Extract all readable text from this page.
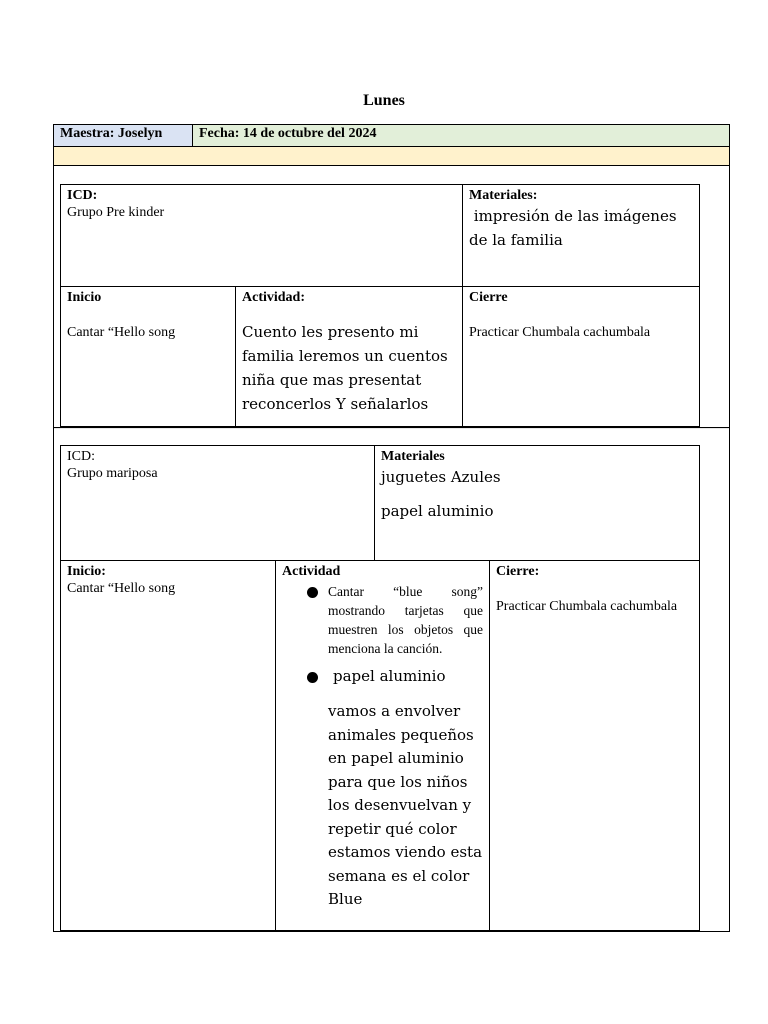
Lunes
Maestra: Joselyn	Fecha: 14 de octubre del 2024
ICD:
Grupo Pre kinder
Materiales:
impresión de las imágenes de la familia
Inicio
Cantar “Hello song
Actividad:
Cuento les presento mi familia leremos un cuentos niña que mas presentat reconcerlos Y señalarlos
Cierre
Practicar Chumbala cachumbala
ICD:
Grupo mariposa
Materiales
juguetes Azules
papel aluminio
Inicio:
Cantar “Hello song
Actividad
Cantar “blue song” mostrando tarjetas que muestren los objetos que menciona la canción.
papel aluminio
vamos a envolver animales pequeños en papel aluminio para que los niños los desenvuelvan y repetir qué color estamos viendo esta semana es el color Blue
Cierre:
Practicar Chumbala cachumbala
